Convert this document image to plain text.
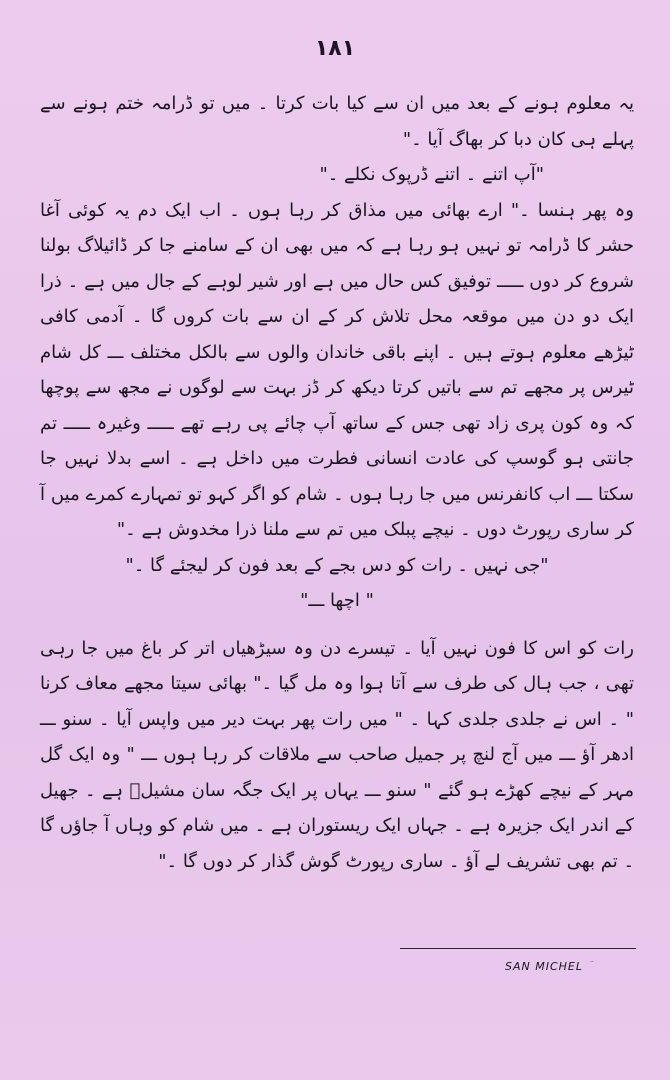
۱۸۱

یہ معلوم ہونے کے بعد میں ان سے کیا بات کرتا ۔ میں تو ڈرامہ ختم ہونے سے پہلے ہی کان دبا کر بھاگ آیا ۔"

"آپ اتنے ۔ اتنے ڈرپوک نکلے ۔"

وہ پھر ہنسا ۔" ارے بھائی میں مذاق کر رہا ہوں ۔ اب ایک دم یہ کوئی آغا حشر کا ڈرامہ تو نہیں ہو رہا ہے کہ میں بھی ان کے سامنے جا کر ڈائیلاگ بولنا شروع کر دوں ـــــ توفیق کس حال میں ہے اور شیر لوہے کے جال میں ہے ۔ ذرا ایک دو دن میں موقعہ محل تلاش کر کے ان سے بات کروں گا ۔ آدمی کافی ٹیڑھے معلوم ہوتے ہیں ۔ اپنے باقی خاندان والوں سے بالکل مختلف ـــ کل شام ٹیرس پر مجھے تم سے باتیں کرتا دیکھ کر ڈز بہت سے لوگوں نے مجھ سے پوچھا کہ وہ کون پری زاد تھی جس کے ساتھ آپ چائے پی رہے تھے ـــــ وغیرہ ـــــ تم جانتی ہو گوسپ کی عادت انسانی فطرت میں داخل ہے ۔ اسے بدلا نہیں جا سکتا ـــ اب کانفرنس میں جا رہا ہوں ۔ شام کو اگر کہو تو تمہارے کمرے میں آ کر ساری رپورٹ دوں ۔ نیچے پبلک میں تم سے ملنا ذرا مخدوش ہے ۔"

"جی نہیں ۔ رات کو دس بجے کے بعد فون کر لیجئے گا ۔"

" اچھا ـــ"

رات کو اس کا فون نہیں آیا ۔ تیسرے دن وہ سیڑھیاں اتر کر باغ میں جا رہی تھی ، جب ہال کی طرف سے آتا ہوا وہ مل گیا ۔" بھائی سیتا مجھے معاف کرنا " ۔ اس نے جلدی جلدی کہا ۔ " میں رات پھر بہت دیر میں واپس آیا ۔ سنو ـــ ادھر آؤ ـــ میں آج لنچ پر جمیل صاحب سے ملاقات کر رہا ہوں ـــ " وہ ایک گل مہر کے نیچے کھڑے ہو گئے " سنو ـــ یہاں پر ایک جگہ سان مشیلؔ ہے ۔ جھیل کے اندر ایک جزیرہ ہے ۔ جہاں ایک ریستوران ہے ۔ میں شام کو وہاں آ جاؤں گا ۔ تم بھی تشریف لے آؤ ۔ ساری رپورٹ گوش گذار کر دوں گا ۔"

SAN MICHEL ؔ
